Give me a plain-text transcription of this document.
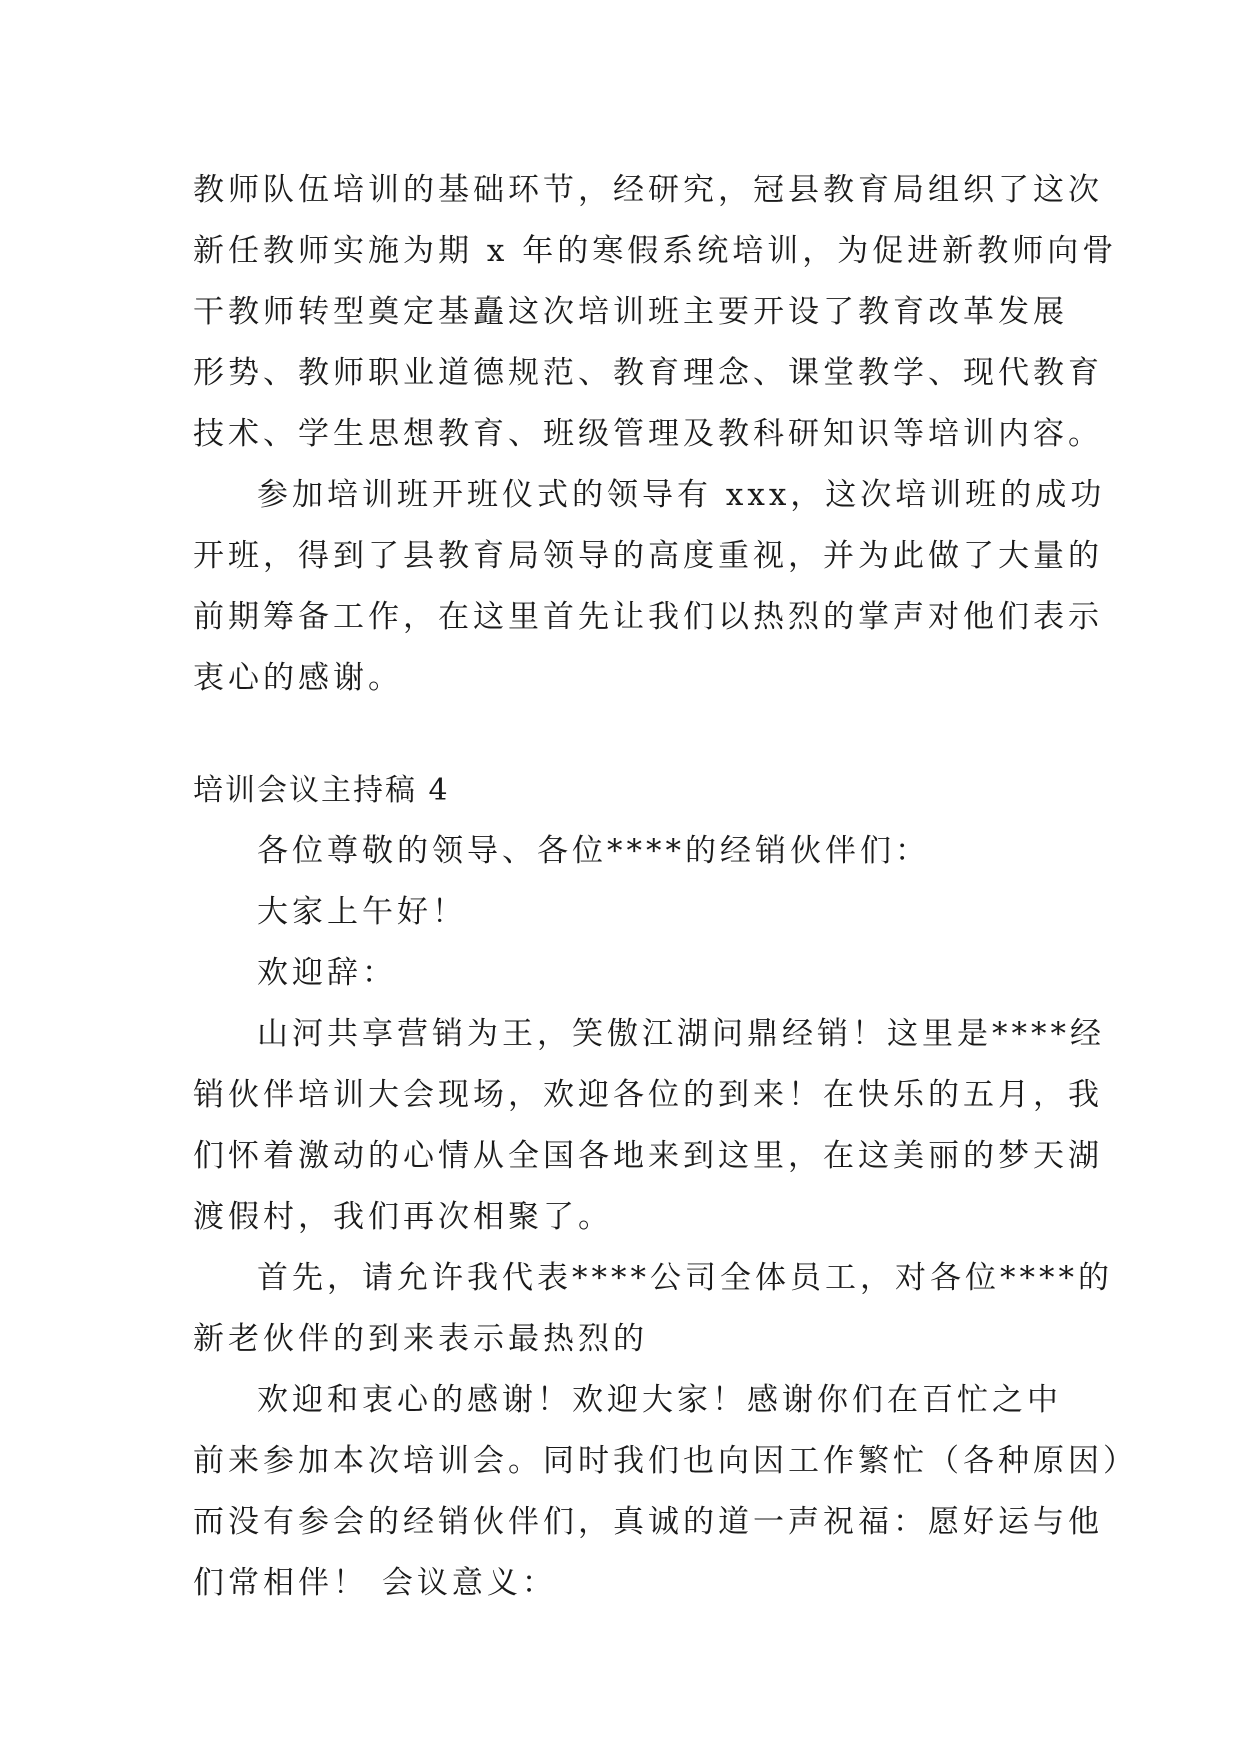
教师队伍培训的基础环节，经研究，冠县教育局组织了这次
新任教师实施为期 x 年的寒假系统培训，为促进新教师向骨
干教师转型奠定基矗这次培训班主要开设了教育改革发展
形势、教师职业道德规范、教育理念、课堂教学、现代教育
技术、学生思想教育、班级管理及教科研知识等培训内容。

参加培训班开班仪式的领导有 xxx，这次培训班的成功
开班，得到了县教育局领导的高度重视，并为此做了大量的
前期筹备工作，在这里首先让我们以热烈的掌声对他们表示
衷心的感谢。

培训会议主持稿 4

各位尊敬的领导、各位****的经销伙伴们：

大家上午好！

欢迎辞：

山河共享营销为王，笑傲江湖问鼎经销！这里是****经
销伙伴培训大会现场，欢迎各位的到来！在快乐的五月，我
们怀着激动的心情从全国各地来到这里，在这美丽的梦天湖
渡假村，我们再次相聚了。

首先，请允许我代表****公司全体员工，对各位****的
新老伙伴的到来表示最热烈的

欢迎和衷心的感谢！欢迎大家！感谢你们在百忙之中
前来参加本次培训会。同时我们也向因工作繁忙（各种原因）
而没有参会的经销伙伴们，真诚的道一声祝福：愿好运与他
们常相伴！ 会议意义：
